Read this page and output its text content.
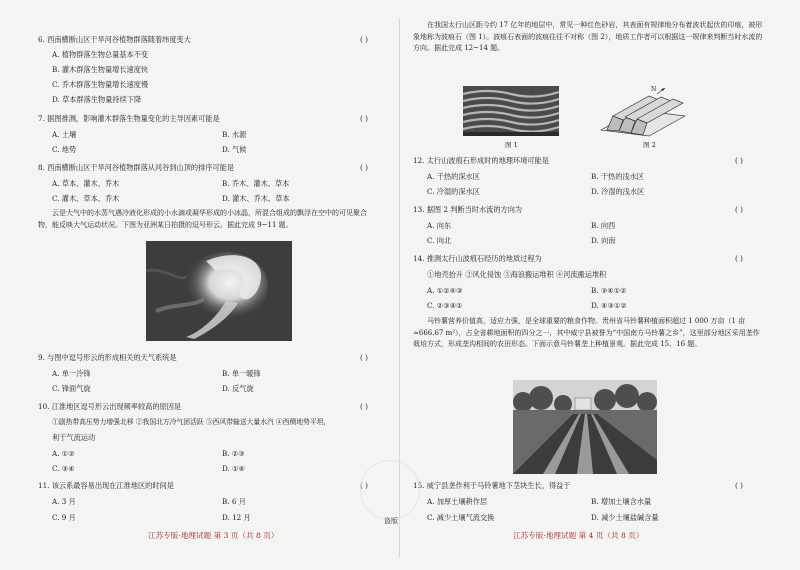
6. 西南横断山区干旱河谷植物群落随着纬度变大	( )
A. 植物群落生物总量基本不变
B. 灌木群落生物量增长速度快
C. 乔木群落生物量增长速度慢
D. 草本群落生物量持续下降
7. 据图推测，影响灌木群落生物量变化的主导因素可能是	( )
A. 土壤	B. 水源
C. 地势	D. 气候
8. 西南横断山区干旱河谷植物群落从河谷到山顶的排序可能是	( )
A. 草本、灌木、乔木	B. 乔木、灌木、草本
C. 灌木、草本、乔木	D. 灌木、乔木、草本
云是大气中的水蒸气遇冷液化形成的小水滴或凝华形成的小冰晶，所混合组成的飘浮在空中的可见聚合物，能反映大气运动状况。下图为亚洲某日拍摄的逗号形云。据此完成 9~11 题。
9. 与图中逗号形云的形成相关的天气系统是	( )
A. 单一冷锋	B. 单一暖锋
C. 锋面气旋	D. 反气旋
10. 江淮地区逗号形云出现频率较高的原因是	( )
①副热带高压势力增强北移 ②我国北方冷气团活跃 ③西风带输送大量水汽 ④西侧地势平坦，
利于气流运动
A. ①②	B. ②③
C. ③④	D. ①④
11. 该云系最容易出现在江淮地区的时间是	( )
A. 3 月	B. 6 月
C. 9 月	D. 12 月
江苏专版·地理试题 第 3 页（共 8 页）
在我国太行山区距今约 17 亿年的地层中，常见一种红色砂岩，其表面有规律地分布着波状起伏的印痕，被形象地称为波痕石（图 1）。波痕石表面的波痕往往不对称（图 2），地质工作者可以根据这一规律来判断当时水流的方向。据此完成 12~14 题。
图 1
N
图 2
12. 太行山波痕石形成时的地理环境可能是	( )
A. 干热的深水区	B. 干热的浅水区
C. 冷湿的深水区	D. 冷湿的浅水区
13. 据图 2 判断当时水流的方向为	( )
A. 向东	B. 向西
C. 向北	D. 向南
14. 推测太行山波痕石经历的地质过程为	( )
①地壳抬升 ②风化侵蚀 ③海浪搬运堆积 ④河流搬运堆积
A. ①②④③	B. ③④①②
C. ②③④①	D. ④③①②
马铃薯营养价值高，适应力强，是全球重要的粮食作物。贵州省马铃薯种植面积超过 1 000 万亩（1 亩≈666.67 m²），占全省耕地面积的四分之一，其中威宁县被誉为“中国南方马铃薯之乡”，这里部分地区采用垄作栽培方式，形成垄沟相间的农田形态。下面示意马铃薯垄上种植景观。据此完成 15、16 题。
15. 威宁县垄作利于马铃薯地下茎块生长，得益于	( )
A. 加厚土壤耕作层	B. 增加土壤含水量
C. 减少土壤气流交换	D. 减少土壤盐碱含量
江苏专版·地理试题 第 4 页（共 8 页）
盗版
